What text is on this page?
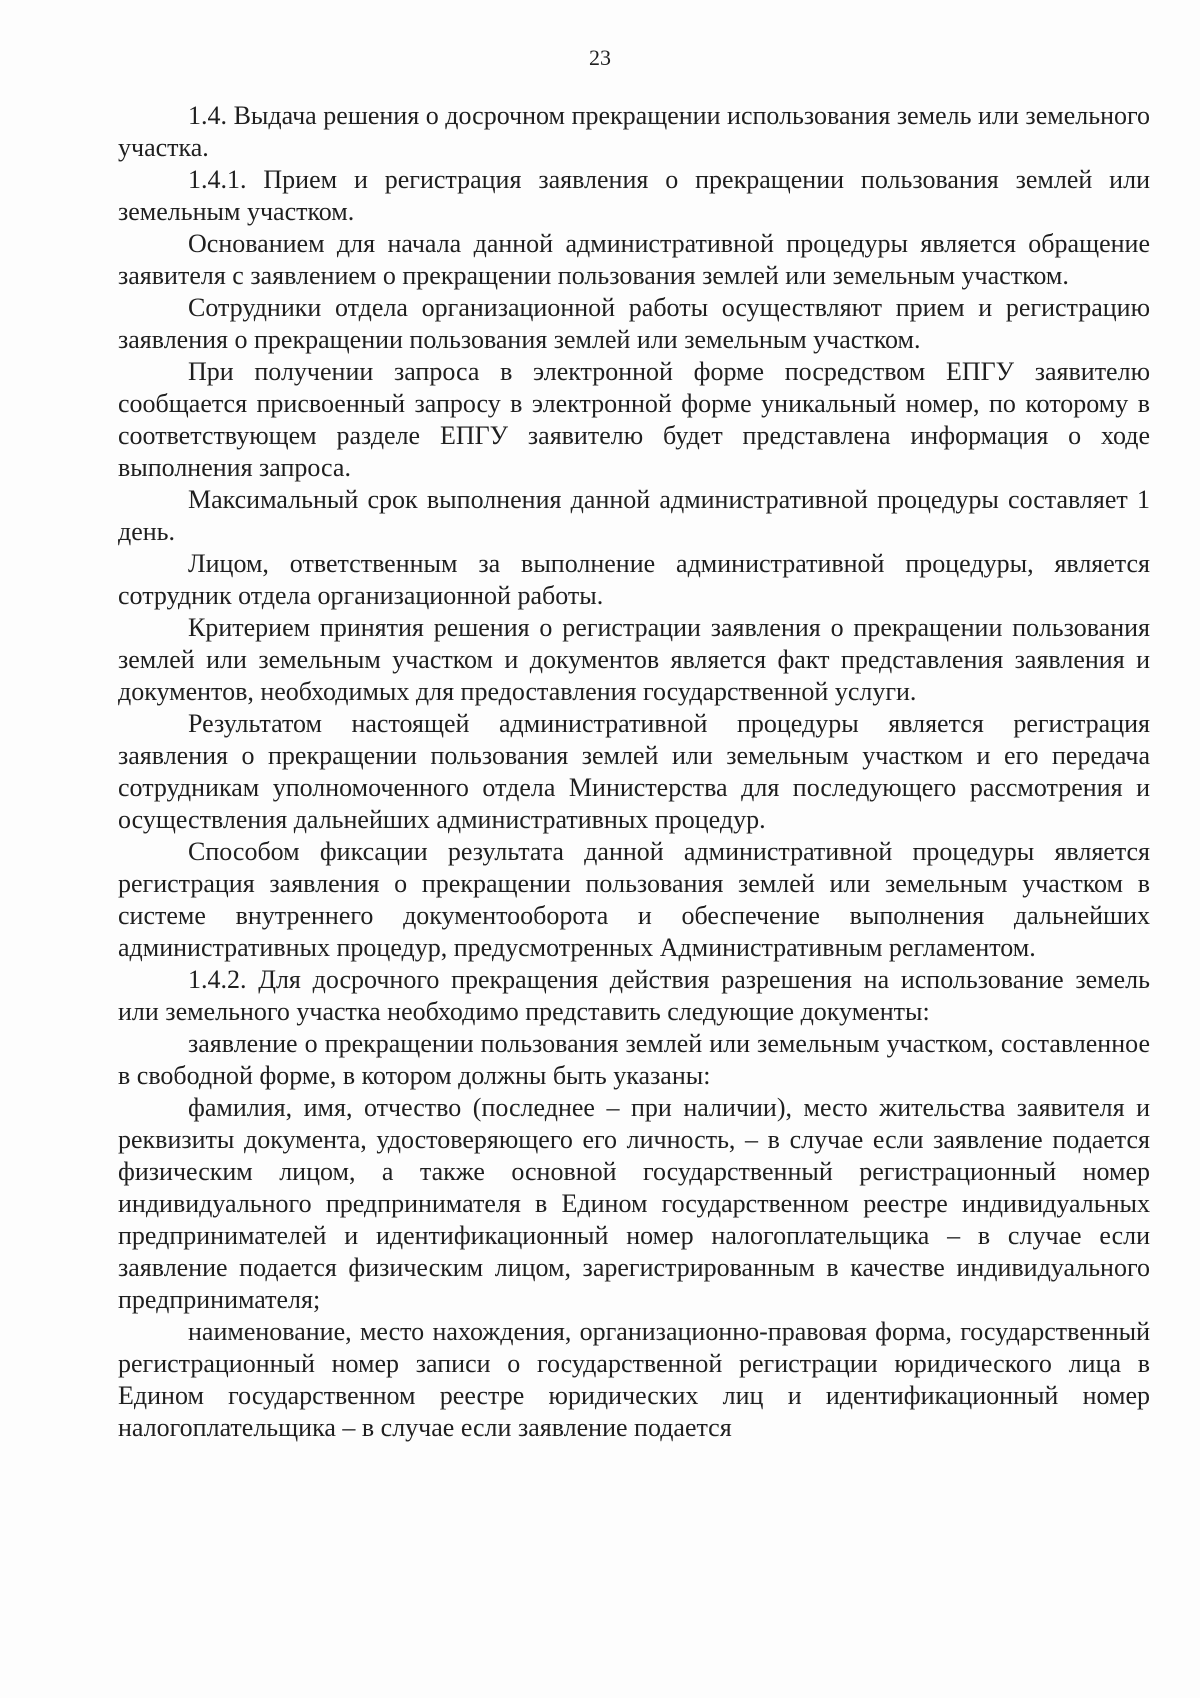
23

1.4. Выдача решения о досрочном прекращении использования земель или земельного участка.

1.4.1. Прием и регистрация заявления о прекращении пользования землей или земельным участком.

Основанием для начала данной административной процедуры является обращение заявителя с заявлением о прекращении пользования землей или земельным участком.

Сотрудники отдела организационной работы осуществляют прием и регистрацию заявления о прекращении пользования землей или земельным участком.

При получении запроса в электронной форме посредством ЕПГУ заявителю сообщается присвоенный запросу в электронной форме уникальный номер, по которому в соответствующем разделе ЕПГУ заявителю будет представлена информация о ходе выполнения запроса.

Максимальный срок выполнения данной административной процедуры составляет 1 день.

Лицом, ответственным за выполнение административной процедуры, является сотрудник отдела организационной работы.

Критерием принятия решения о регистрации заявления о прекращении пользования землей или земельным участком и документов является факт представления заявления и документов, необходимых для предоставления государственной услуги.

Результатом настоящей административной процедуры является регистрация заявления о прекращении пользования землей или земельным участком и его передача сотрудникам уполномоченного отдела Министерства для последующего рассмотрения и осуществления дальнейших административных процедур.

Способом фиксации результата данной административной процедуры является регистрация заявления о прекращении пользования землей или земельным участком в системе внутреннего документооборота и обеспечение выполнения дальнейших административных процедур, предусмотренных Административным регламентом.

1.4.2. Для досрочного прекращения действия разрешения на использование земель или земельного участка необходимо представить следующие документы:

заявление о прекращении пользования землей или земельным участком, составленное в свободной форме, в котором должны быть указаны:

фамилия, имя, отчество (последнее – при наличии), место жительства заявителя и реквизиты документа, удостоверяющего его личность, – в случае если заявление подается физическим лицом, а также основной государственный регистрационный номер индивидуального предпринимателя в Едином государственном реестре индивидуальных предпринимателей и идентификационный номер налогоплательщика – в случае если заявление подается физическим лицом, зарегистрированным в качестве индивидуального предпринимателя;

наименование, место нахождения, организационно-правовая форма, государственный регистрационный номер записи о государственной регистрации юридического лица в Едином государственном реестре юридических лиц и идентификационный номер налогоплательщика – в случае если заявление подается
